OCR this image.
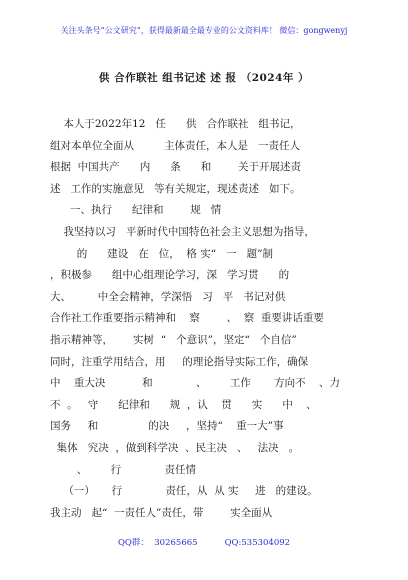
关注头条号“公文研究”，获得最新最全最专业的公文资料库！ 微信：gongwenyj
供 合作联社 组书记述 述 报 （2024年 ）
本人于2022年12   任      供   合作联社   组书记，
组对本单位全面从         主体责任，本人是   一责任人
根据  中国共产      内      条      和        关于开展述责
述   工作的实施意见   等有关规定，现述责述   如下。
一、执行      纪律和        规   情
我坚持以习   平新时代中国特色社会主义思想为指导，
的      建设   在   位，  格 实“   一   题”制
，积极参      组中心组理论学习，深   学习贯      的
大、        中全会精神，学深悟   习   平   书记对供
合作社工作重要指示精神和    察        、  察  重要讲话重要
指示精神等，      实树  “   个意识”，坚定“   个自信”
同时，注重学用结合，用     的理论指导实际工作，确保
中    重大决           和             、       工作       方向不    、力
不  。   守      纪律和      规  ，认    贯      实      中    、
国务     和               的决     ，坚持“    重一大”事
集体   究决  ，做到科学决  、民主决   、   法决   。
、       行             责任情
（一）     行             责任，从  从 实     进   的建设。
我主动   起“  一责任人”责任，带        实全面从
QQ群：  30265665	QQ:535304092
